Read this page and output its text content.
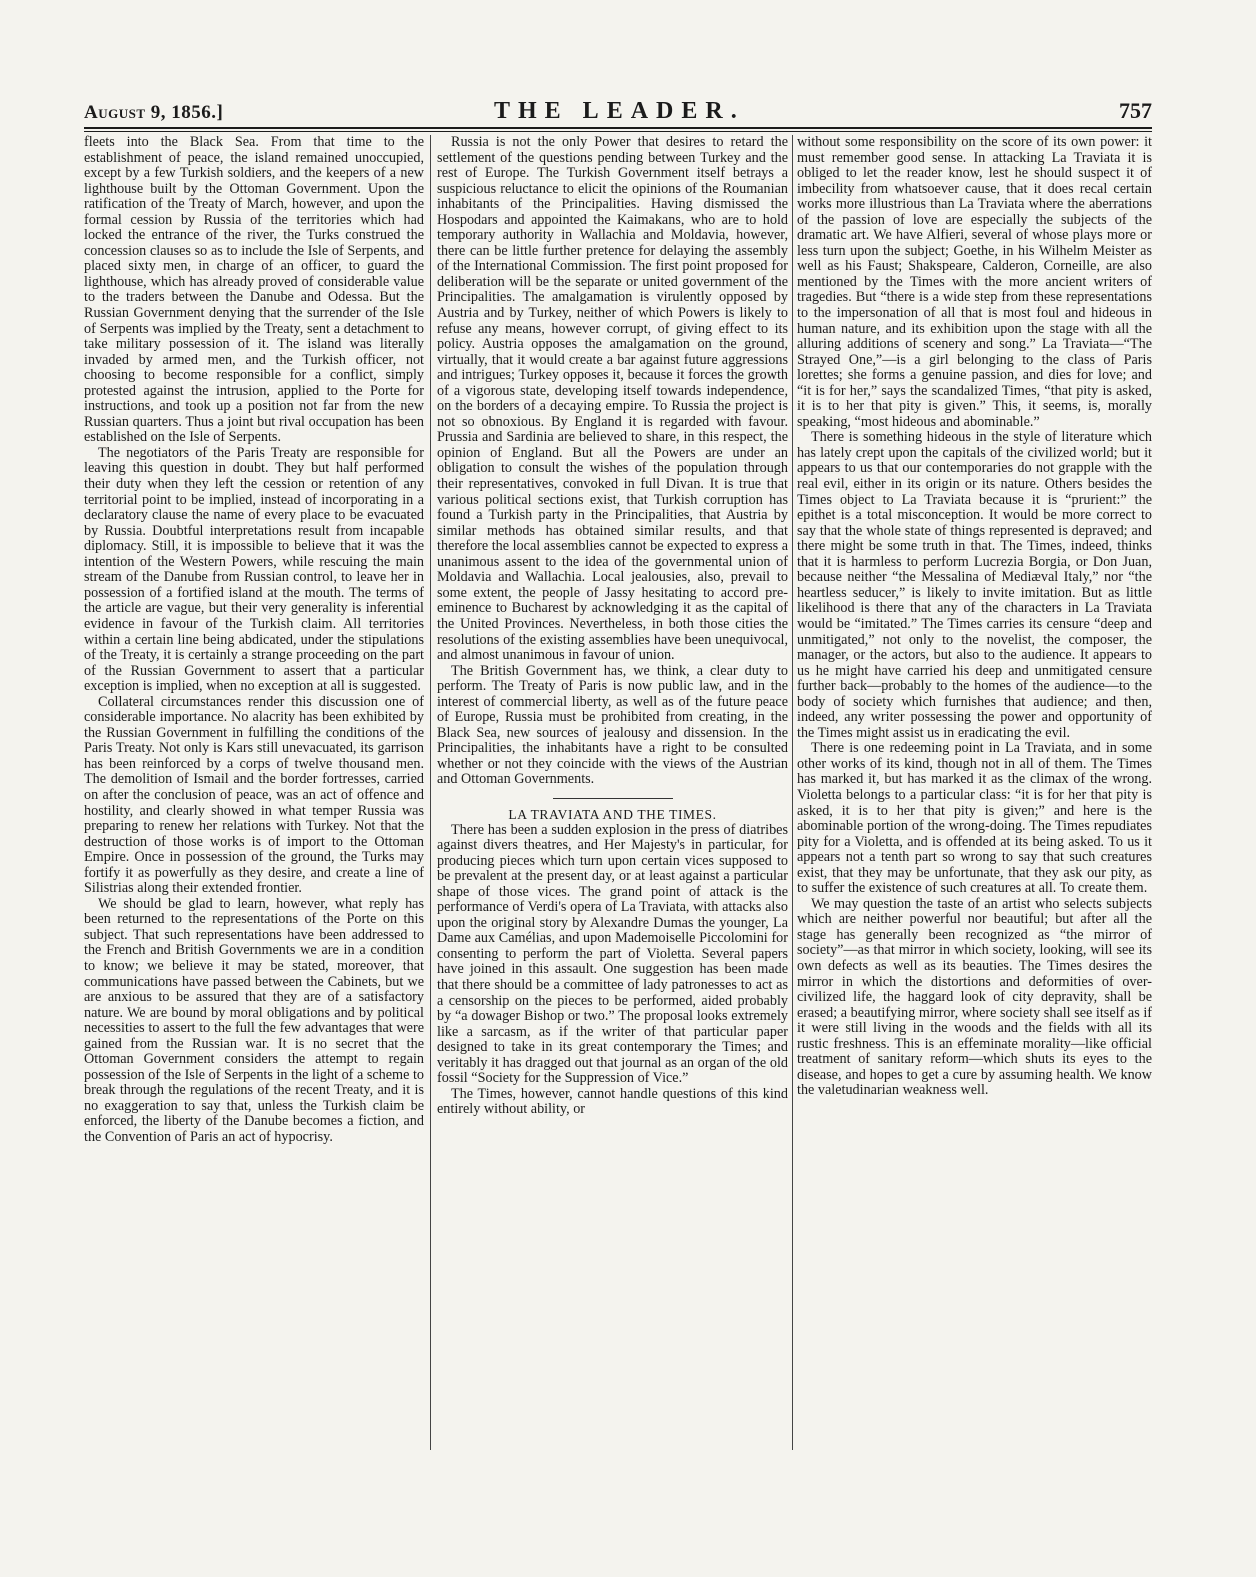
August 9, 1856.]	THE LEADER.	757

fleets into the Black Sea. From that time to the establishment of peace, the island remained unoccupied, except by a few Turkish soldiers, and the keepers of a new lighthouse built by the Ottoman Government. Upon the ratification of the Treaty of March, however, and upon the formal cession by Russia of the territories which had locked the entrance of the river, the Turks construed the concession clauses so as to include the Isle of Serpents, and placed sixty men, in charge of an officer, to guard the lighthouse, which has already proved of considerable value to the traders between the Danube and Odessa. But the Russian Government denying that the surrender of the Isle of Serpents was implied by the Treaty, sent a detachment to take military possession of it. The island was literally invaded by armed men, and the Turkish officer, not choosing to become responsible for a conflict, simply protested against the intrusion, applied to the Porte for instructions, and took up a position not far from the new Russian quarters. Thus a joint but rival occupation has been established on the Isle of Serpents.

The negotiators of the Paris Treaty are responsible for leaving this question in doubt. They but half performed their duty when they left the cession or retention of any territorial point to be implied, instead of incorporating in a declaratory clause the name of every place to be evacuated by Russia. Doubtful interpretations result from incapable diplomacy. Still, it is impossible to believe that it was the intention of the Western Powers, while rescuing the main stream of the Danube from Russian control, to leave her in possession of a fortified island at the mouth. The terms of the article are vague, but their very generality is inferential evidence in favour of the Turkish claim. All territories within a certain line being abdicated, under the stipulations of the Treaty, it is certainly a strange proceeding on the part of the Russian Government to assert that a particular exception is implied, when no exception at all is suggested.

Collateral circumstances render this discussion one of considerable importance. No alacrity has been exhibited by the Russian Government in fulfilling the conditions of the Paris Treaty. Not only is Kars still unevacuated, its garrison has been reinforced by a corps of twelve thousand men. The demolition of Ismail and the border fortresses, carried on after the conclusion of peace, was an act of offence and hostility, and clearly showed in what temper Russia was preparing to renew her relations with Turkey. Not that the destruction of those works is of import to the Ottoman Empire. Once in possession of the ground, the Turks may fortify it as powerfully as they desire, and create a line of Silistrias along their extended frontier.

We should be glad to learn, however, what reply has been returned to the representations of the Porte on this subject. That such representations have been addressed to the French and British Governments we are in a condition to know; we believe it may be stated, moreover, that communications have passed between the Cabinets, but we are anxious to be assured that they are of a satisfactory nature. We are bound by moral obligations and by political necessities to assert to the full the few advantages that were gained from the Russian war. It is no secret that the Ottoman Government considers the attempt to regain possession of the Isle of Serpents in the light of a scheme to break through the regulations of the recent Treaty, and it is no exaggeration to say that, unless the Turkish claim be enforced, the liberty of the Danube becomes a fiction, and the Convention of Paris an act of hypocrisy.

Russia is not the only Power that desires to retard the settlement of the questions pending between Turkey and the rest of Europe. The Turkish Government itself betrays a suspicious reluctance to elicit the opinions of the Roumanian inhabitants of the Principalities. Having dismissed the Hospodars and appointed the Kaimakans, who are to hold temporary authority in Wallachia and Moldavia, however, there can be little further pretence for delaying the assembly of the International Commission. The first point proposed for deliberation will be the separate or united government of the Principalities. The amalgamation is virulently opposed by Austria and by Turkey, neither of which Powers is likely to refuse any means, however corrupt, of giving effect to its policy. Austria opposes the amalgamation on the ground, virtually, that it would create a bar against future aggressions and intrigues; Turkey opposes it, because it forces the growth of a vigorous state, developing itself towards independence, on the borders of a decaying empire. To Russia the project is not so obnoxious. By England it is regarded with favour. Prussia and Sardinia are believed to share, in this respect, the opinion of England. But all the Powers are under an obligation to consult the wishes of the population through their representatives, convoked in full Divan. It is true that various political sections exist, that Turkish corruption has found a Turkish party in the Principalities, that Austria by similar methods has obtained similar results, and that therefore the local assemblies cannot be expected to express a unanimous assent to the idea of the governmental union of Moldavia and Wallachia. Local jealousies, also, prevail to some extent, the people of Jassy hesitating to accord pre-eminence to Bucharest by acknowledging it as the capital of the United Provinces. Nevertheless, in both those cities the resolutions of the existing assemblies have been unequivocal, and almost unanimous in favour of union.

The British Government has, we think, a clear duty to perform. The Treaty of Paris is now public law, and in the interest of commercial liberty, as well as of the future peace of Europe, Russia must be prohibited from creating, in the Black Sea, new sources of jealousy and dissension. In the Principalities, the inhabitants have a right to be consulted whether or not they coincide with the views of the Austrian and Ottoman Governments.

LA TRAVIATA AND THE TIMES.

There has been a sudden explosion in the press of diatribes against divers theatres, and Her Majesty's in particular, for producing pieces which turn upon certain vices supposed to be prevalent at the present day, or at least against a particular shape of those vices. The grand point of attack is the performance of Verdi's opera of La Traviata, with attacks also upon the original story by Alexandre Dumas the younger, La Dame aux Camélias, and upon Mademoiselle Piccolomini for consenting to perform the part of Violetta. Several papers have joined in this assault. One suggestion has been made that there should be a committee of lady patronesses to act as a censorship on the pieces to be performed, aided probably by “a dowager Bishop or two.” The proposal looks extremely like a sarcasm, as if the writer of that particular paper designed to take in its great contemporary the Times; and veritably it has dragged out that journal as an organ of the old fossil “Society for the Suppression of Vice.”

The Times, however, cannot handle questions of this kind entirely without ability, or

without some responsibility on the score of its own power: it must remember good sense. In attacking La Traviata it is obliged to let the reader know, lest he should suspect it of imbecility from whatsoever cause, that it does recal certain works more illustrious than La Traviata where the aberrations of the passion of love are especially the subjects of the dramatic art. We have Alfieri, several of whose plays more or less turn upon the subject; Goethe, in his Wilhelm Meister as well as his Faust; Shakspeare, Calderon, Corneille, are also mentioned by the Times with the more ancient writers of tragedies. But “there is a wide step from these representations to the impersonation of all that is most foul and hideous in human nature, and its exhibition upon the stage with all the alluring additions of scenery and song.” La Traviata—“The Strayed One,”—is a girl belonging to the class of Paris lorettes; she forms a genuine passion, and dies for love; and “it is for her,” says the scandalized Times, “that pity is asked, it is to her that pity is given.” This, it seems, is, morally speaking, “most hideous and abominable.”

There is something hideous in the style of literature which has lately crept upon the capitals of the civilized world; but it appears to us that our contemporaries do not grapple with the real evil, either in its origin or its nature. Others besides the Times object to La Traviata because it is “prurient:” the epithet is a total misconception. It would be more correct to say that the whole state of things represented is depraved; and there might be some truth in that. The Times, indeed, thinks that it is harmless to perform Lucrezia Borgia, or Don Juan, because neither “the Messalina of Mediæval Italy,” nor “the heartless seducer,” is likely to invite imitation. But as little likelihood is there that any of the characters in La Traviata would be “imitated.” The Times carries its censure “deep and unmitigated,” not only to the novelist, the composer, the manager, or the actors, but also to the audience. It appears to us he might have carried his deep and unmitigated censure further back—probably to the homes of the audience—to the body of society which furnishes that audience; and then, indeed, any writer possessing the power and opportunity of the Times might assist us in eradicating the evil.

There is one redeeming point in La Traviata, and in some other works of its kind, though not in all of them. The Times has marked it, but has marked it as the climax of the wrong. Violetta belongs to a particular class: “it is for her that pity is asked, it is to her that pity is given;” and here is the abominable portion of the wrong-doing. The Times repudiates pity for a Violetta, and is offended at its being asked. To us it appears not a tenth part so wrong to say that such creatures exist, that they may be unfortunate, that they ask our pity, as to suffer the existence of such creatures at all. To create them.

We may question the taste of an artist who selects subjects which are neither powerful nor beautiful; but after all the stage has generally been recognized as “the mirror of society”—as that mirror in which society, looking, will see its own defects as well as its beauties. The Times desires the mirror in which the distortions and deformities of over-civilized life, the haggard look of city depravity, shall be erased; a beautifying mirror, where society shall see itself as if it were still living in the woods and the fields with all its rustic freshness. This is an effeminate morality—like official treatment of sanitary reform—which shuts its eyes to the disease, and hopes to get a cure by assuming health. We know the valetudinarian weakness well.
